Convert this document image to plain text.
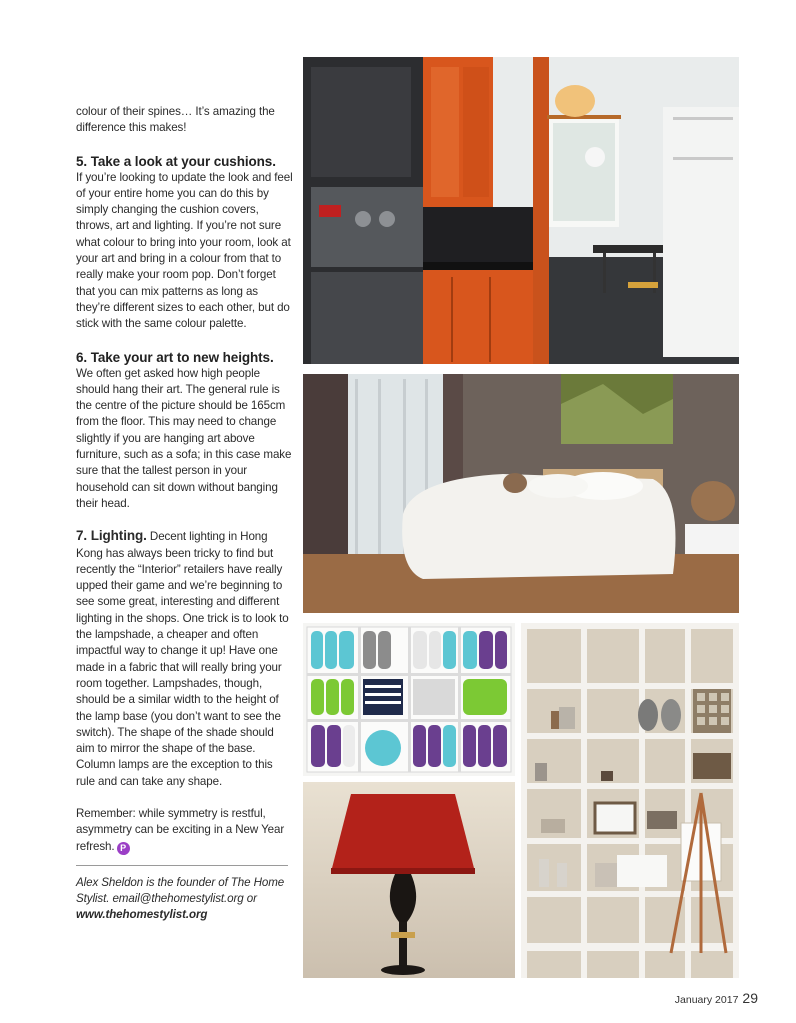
colour of their spines… It’s amazing the difference this makes!

5. Take a look at your cushions.

If you’re looking to update the look and feel of your entire home you can do this by simply changing the cushion covers, throws, art and lighting. If you’re not sure what colour to bring into your room, look at your art and bring in a colour from that to really make your room pop. Don’t forget that you can mix patterns as long as they’re different sizes to each other, but do stick with the same colour palette.

6. Take your art to new heights.

We often get asked how high people should hang their art. The general rule is the centre of the picture should be 165cm from the floor. This may need to change slightly if you are hanging art above furniture, such as a sofa; in this case make sure that the tallest person in your household can sit down without banging their head.

7. Lighting. Decent lighting in Hong Kong has always been tricky to find but recently the “Interior” retailers have really upped their game and we’re beginning to see some great, interesting and different lighting in the shops. One trick is to look to the lampshade, a cheaper and often impactful way to change it up! Have one made in a fabric that will really bring your room together. Lampshades, though, should be a similar width to the height of the lamp base (you don’t want to see the switch). The shape of the shade should aim to mirror the shape of the base. Column lamps are the exception to this rule and can take any shape.

Remember: while symmetry is restful, asymmetry can be exciting in a New Year refresh. P

Alex Sheldon is the founder of The Home Stylist. email@thehomestylist.org or www.thehomestylist.org

January 2017 29
